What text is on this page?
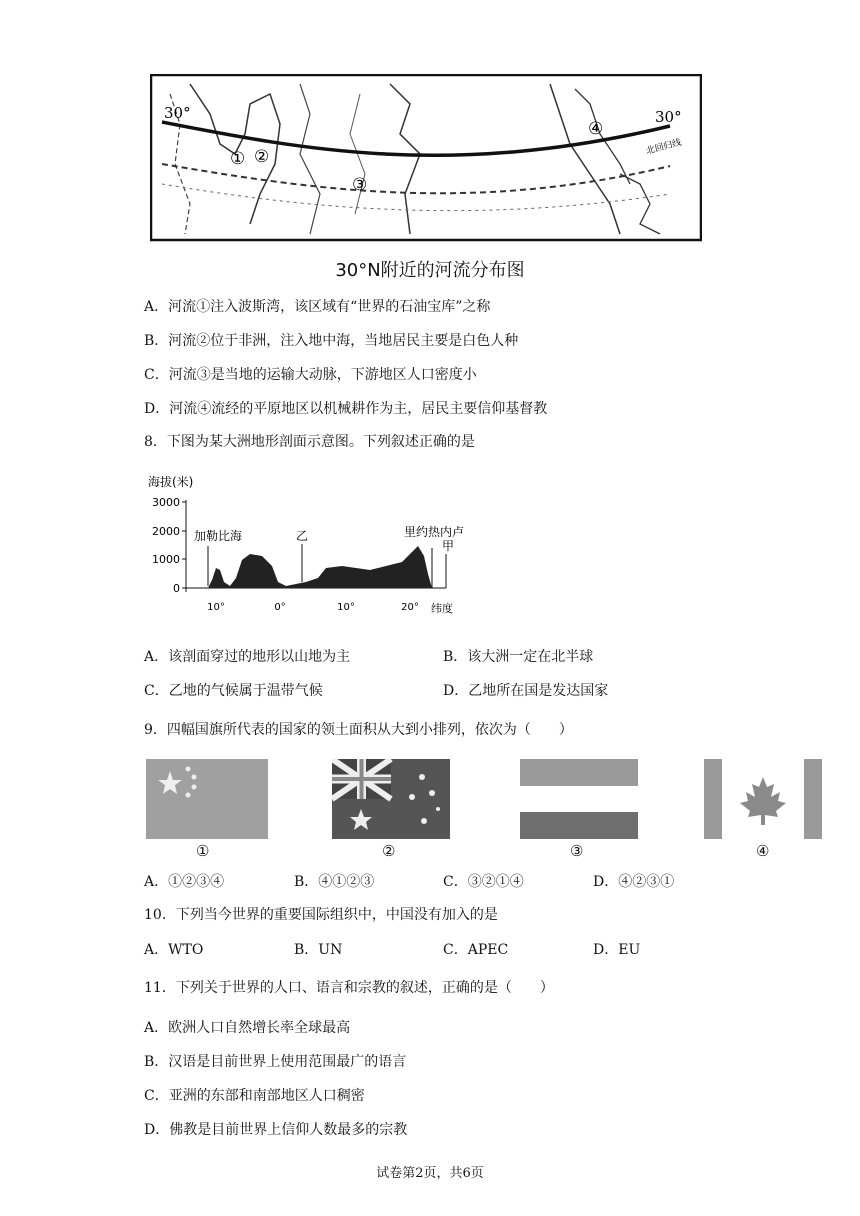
30°	30°
北回归线
① ②
③
④
30°N附近的河流分布图
A．河流①注入波斯湾，该区域有“世界的石油宝库”之称
B．河流②位于非洲，注入地中海，当地居民主要是白色人种
C．河流③是当地的运输大动脉，下游地区人口密度小
D．河流④流经的平原地区以机械耕作为主，居民主要信仰基督教
8．下图为某大洲地形剖面示意图。下列叙述正确的是
海拔(米)
3000
2000
1000
0
加勒比海	乙	里约热内卢
甲
10°	0°	10°	20° 纬度
A．该剖面穿过的地形以山地为主	B．该大洲一定在北半球
C．乙地的气候属于温带气候	D．乙地所在国是发达国家
9．四幅国旗所代表的国家的领土面积从大到小排列，依次为（　　）
①	②	③	④
A．①②③④	B．④①②③	C．③②①④	D．④②③①
10．下列当今世界的重要国际组织中，中国没有加入的是
A．WTO	B．UN	C．APEC	D．EU
11．下列关于世界的人口、语言和宗教的叙述，正确的是（　　）
A．欧洲人口自然增长率全球最高
B．汉语是目前世界上使用范围最广的语言
C．亚洲的东部和南部地区人口稠密
D．佛教是目前世界上信仰人数最多的宗教
试卷第2页，共6页
